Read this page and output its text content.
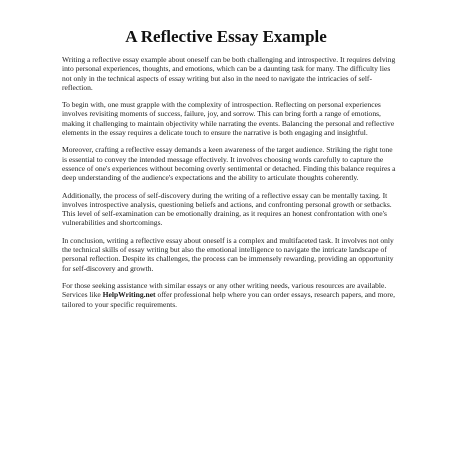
A Reflective Essay Example

Writing a reflective essay example about oneself can be both challenging and introspective. It requires delving into personal experiences, thoughts, and emotions, which can be a daunting task for many. The difficulty lies not only in the technical aspects of essay writing but also in the need to navigate the intricacies of self-reflection.

To begin with, one must grapple with the complexity of introspection. Reflecting on personal experiences involves revisiting moments of success, failure, joy, and sorrow. This can bring forth a range of emotions, making it challenging to maintain objectivity while narrating the events. Balancing the personal and reflective elements in the essay requires a delicate touch to ensure the narrative is both engaging and insightful.

Moreover, crafting a reflective essay demands a keen awareness of the target audience. Striking the right tone is essential to convey the intended message effectively. It involves choosing words carefully to capture the essence of one's experiences without becoming overly sentimental or detached. Finding this balance requires a deep understanding of the audience's expectations and the ability to articulate thoughts coherently.

Additionally, the process of self-discovery during the writing of a reflective essay can be mentally taxing. It involves introspective analysis, questioning beliefs and actions, and confronting personal growth or setbacks. This level of self-examination can be emotionally draining, as it requires an honest confrontation with one's vulnerabilities and shortcomings.

In conclusion, writing a reflective essay about oneself is a complex and multifaceted task. It involves not only the technical skills of essay writing but also the emotional intelligence to navigate the intricate landscape of personal reflection. Despite its challenges, the process can be immensely rewarding, providing an opportunity for self-discovery and growth.

For those seeking assistance with similar essays or any other writing needs, various resources are available. Services like HelpWriting.net offer professional help where you can order essays, research papers, and more, tailored to your specific requirements.
